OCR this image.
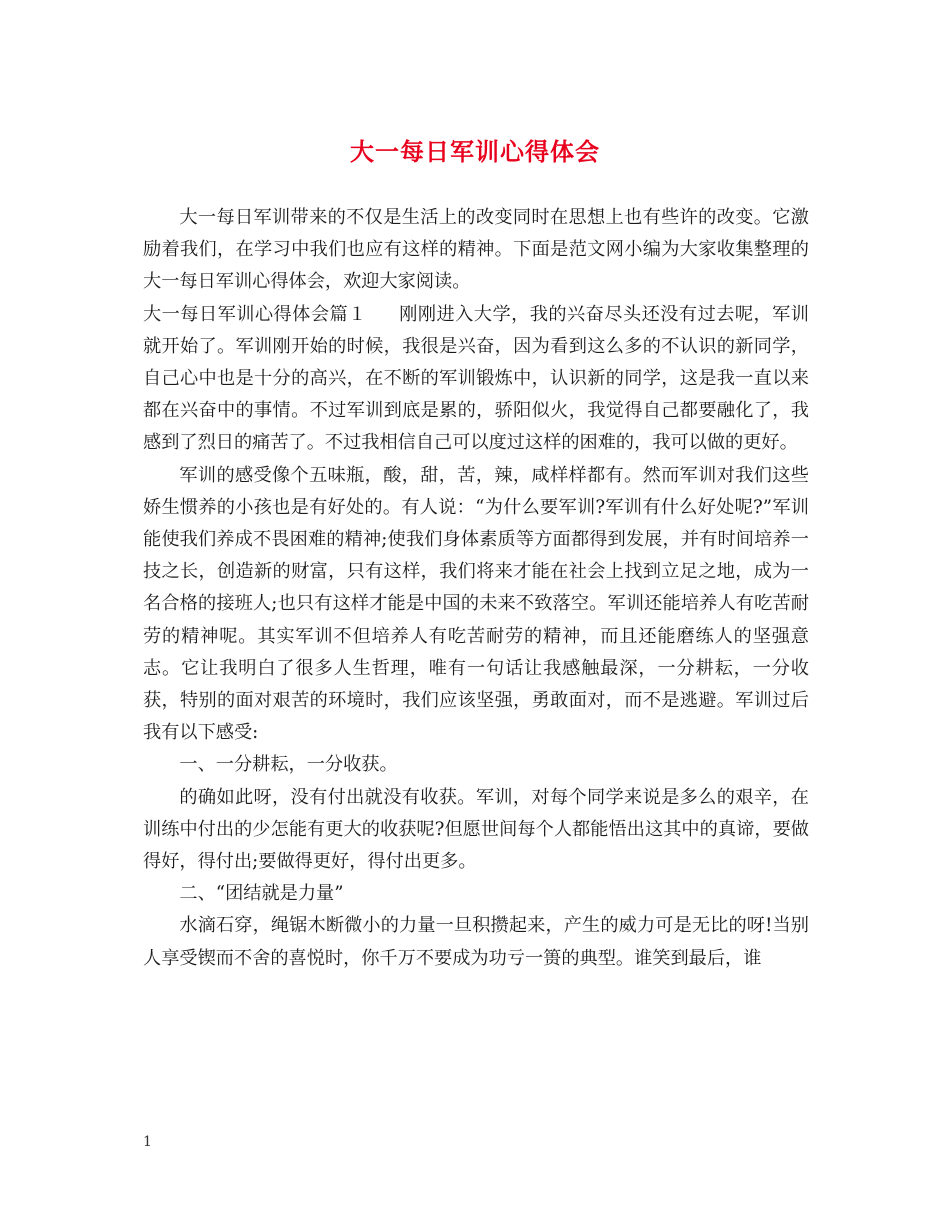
大一每日军训心得体会

大一每日军训带来的不仅是生活上的改变同时在思想上也有些许的改变。它激励着我们，在学习中我们也应有这样的精神。下面是范文网小编为大家收集整理的大一每日军训心得体会，欢迎大家阅读。

大一每日军训心得体会篇１ 刚刚进入大学，我的兴奋尽头还没有过去呢，军训就开始了。军训刚开始的时候，我很是兴奋，因为看到这么多的不认识的新同学，自己心中也是十分的高兴，在不断的军训锻炼中，认识新的同学，这是我一直以来都在兴奋中的事情。不过军训到底是累的，骄阳似火，我觉得自己都要融化了，我感到了烈日的痛苦了。不过我相信自己可以度过这样的困难的，我可以做的更好。

军训的感受像个五味瓶，酸，甜，苦，辣，咸样样都有。然而军训对我们这些娇生惯养的小孩也是有好处的。有人说：“为什么要军训?军训有什么好处呢?”军训能使我们养成不畏困难的精神;使我们身体素质等方面都得到发展，并有时间培养一技之长，创造新的财富，只有这样，我们将来才能在社会上找到立足之地，成为一名合格的接班人;也只有这样才能是中国的未来不致落空。军训还能培养人有吃苦耐劳的精神呢。其实军训不但培养人有吃苦耐劳的精神，而且还能磨练人的坚强意志。它让我明白了很多人生哲理，唯有一句话让我感触最深，一分耕耘，一分收获，特别的面对艰苦的环境时，我们应该坚强，勇敢面对，而不是逃避。军训过后我有以下感受:

一、一分耕耘，一分收获。

的确如此呀，没有付出就没有收获。军训，对每个同学来说是多么的艰辛，在训练中付出的少怎能有更大的收获呢?但愿世间每个人都能悟出这其中的真谛，要做得好，得付出;要做得更好，得付出更多。

二、“团结就是力量”

水滴石穿，绳锯木断微小的力量一旦积攒起来，产生的威力可是无比的呀!当别人享受锲而不舍的喜悦时，你千万不要成为功亏一篑的典型。谁笑到最后，谁

1
